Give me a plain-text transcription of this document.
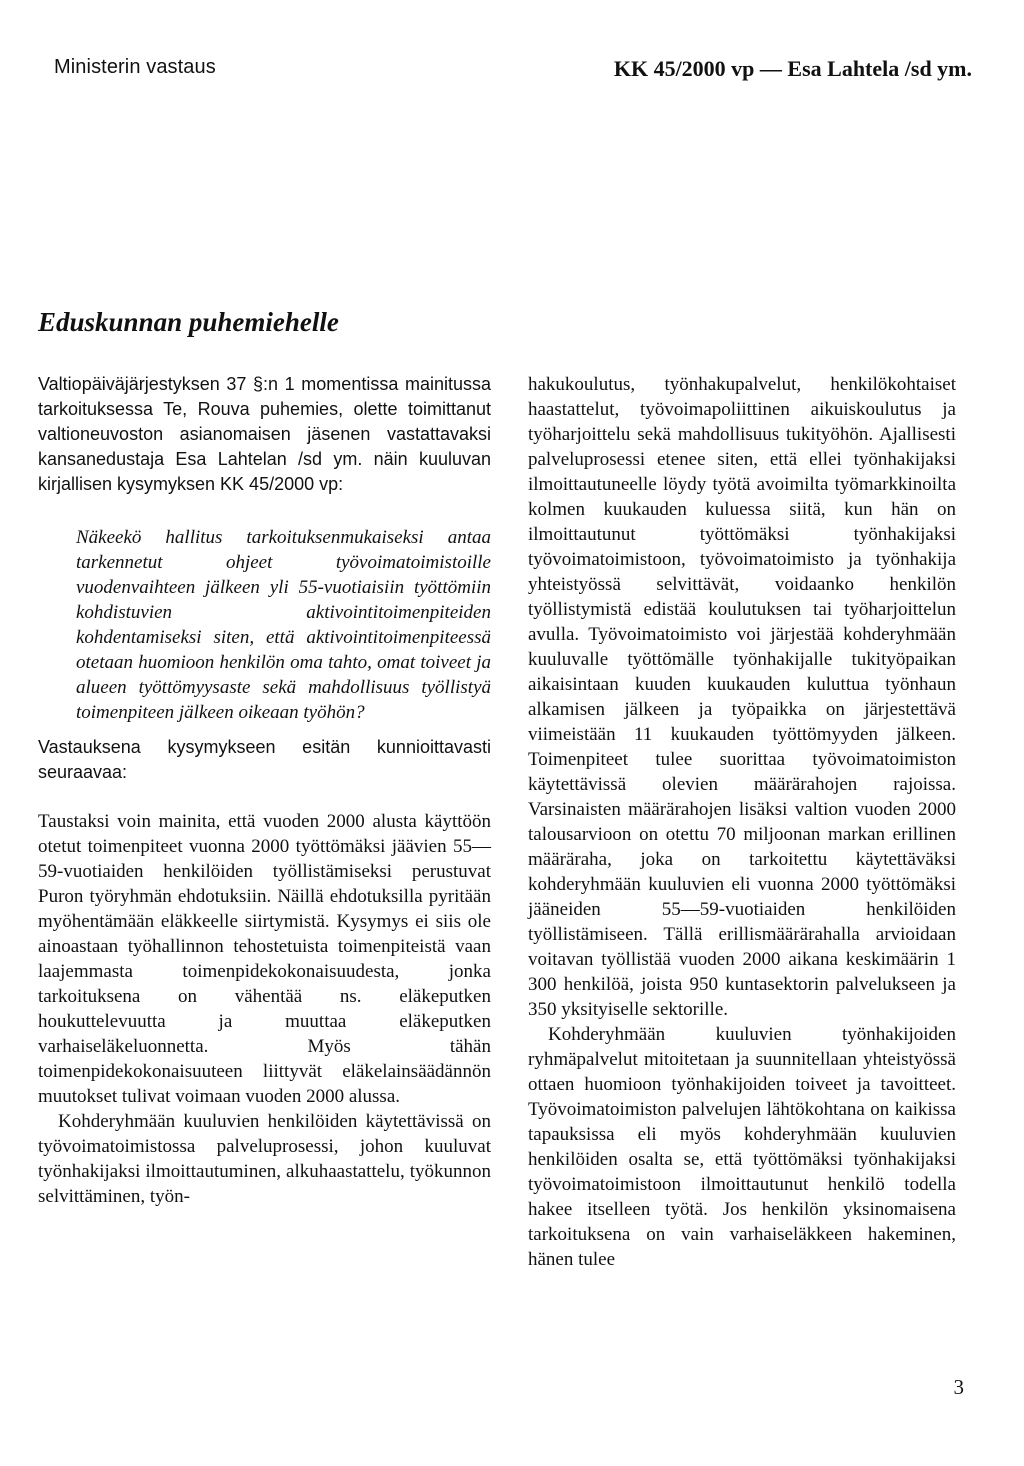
Ministerin vastaus	KK 45/2000 vp — Esa Lahtela /sd ym.
Eduskunnan puhemiehelle

Valtiopäiväjärjestyksen 37 §:n 1 momentissa mainitussa tarkoituksessa Te, Rouva puhemies, olette toimittanut valtioneuvoston asianomaisen jäsenen vastattavaksi kansanedustaja Esa Lahtelan /sd ym. näin kuuluvan kirjallisen kysymyksen KK 45/2000 vp:

Näkeekö hallitus tarkoituksenmukaiseksi antaa tarkennetut ohjeet työvoimatoimistoille vuodenvaihteen jälkeen yli 55-vuotiaisiin työttömiin kohdistuvien aktivointitoimenpiteiden kohdentamiseksi siten, että aktivointitoimenpiteessä otetaan huomioon henkilön oma tahto, omat toiveet ja alueen työttömyysaste sekä mahdollisuus työllistyä toimenpiteen jälkeen oikeaan työhön?

Vastauksena kysymykseen esitän kunnioittavasti seuraavaa:

Taustaksi voin mainita, että vuoden 2000 alusta käyttöön otetut toimenpiteet vuonna 2000 työttömäksi jäävien 55—59-vuotiaiden henkilöiden työllistämiseksi perustuvat Puron työryhmän ehdotuksiin. Näillä ehdotuksilla pyritään myöhentämään eläkkeelle siirtymistä. Kysymys ei siis ole ainoastaan työhallinnon tehostetuista toimenpiteistä vaan laajemmasta toimenpidekokonaisuudesta, jonka tarkoituksena on vähentää ns. eläkeputken houkuttelevuutta ja muuttaa eläkeputken varhaiseläkeluonnetta. Myös tähän toimenpidekokonaisuuteen liittyvät eläkelainsäädännön muutokset tulivat voimaan vuoden 2000 alussa.

Kohderyhmään kuuluvien henkilöiden käytettävissä on työvoimatoimistossa palveluprosessi, johon kuuluvat työnhakijaksi ilmoittautuminen, alkuhaastattelu, työkunnon selvittäminen, työn-

hakukoulutus, työnhakupalvelut, henkilökohtaiset haastattelut, työvoimapoliittinen aikuiskoulutus ja työharjoittelu sekä mahdollisuus tukityöhön. Ajallisesti palveluprosessi etenee siten, että ellei työnhakijaksi ilmoittautuneelle löydy työtä avoimilta työmarkkinoilta kolmen kuukauden kuluessa siitä, kun hän on ilmoittautunut työttömäksi työnhakijaksi työvoimatoimistoon, työvoimatoimisto ja työnhakija yhteistyössä selvittävät, voidaanko henkilön työllistymistä edistää koulutuksen tai työharjoittelun avulla. Työvoimatoimisto voi järjestää kohderyhmään kuuluvalle työttömälle työnhakijalle tukityöpaikan aikaisintaan kuuden kuukauden kuluttua työnhaun alkamisen jälkeen ja työpaikka on järjestettävä viimeistään 11 kuukauden työttömyyden jälkeen. Toimenpiteet tulee suorittaa työvoimatoimiston käytettävissä olevien määrärahojen rajoissa. Varsinaisten määrärahojen lisäksi valtion vuoden 2000 talousarvioon on otettu 70 miljoonan markan erillinen määräraha, joka on tarkoitettu käytettäväksi kohderyhmään kuuluvien eli vuonna 2000 työttömäksi jääneiden 55—59-vuotiaiden henkilöiden työllistämiseen. Tällä erillismäärärahalla arvioidaan voitavan työllistää vuoden 2000 aikana keskimäärin 1 300 henkilöä, joista 950 kuntasektorin palvelukseen ja 350 yksityiselle sektorille.

Kohderyhmään kuuluvien työnhakijoiden ryhmäpalvelut mitoitetaan ja suunnitellaan yhteistyössä ottaen huomioon työnhakijoiden toiveet ja tavoitteet. Työvoimatoimiston palvelujen lähtökohtana on kaikissa tapauksissa eli myös kohderyhmään kuuluvien henkilöiden osalta se, että työttömäksi työnhakijaksi työvoimatoimistoon ilmoittautunut henkilö todella hakee itselleen työtä. Jos henkilön yksinomaisena tarkoituksena on vain varhaiseläkkeen hakeminen, hänen tulee

3
